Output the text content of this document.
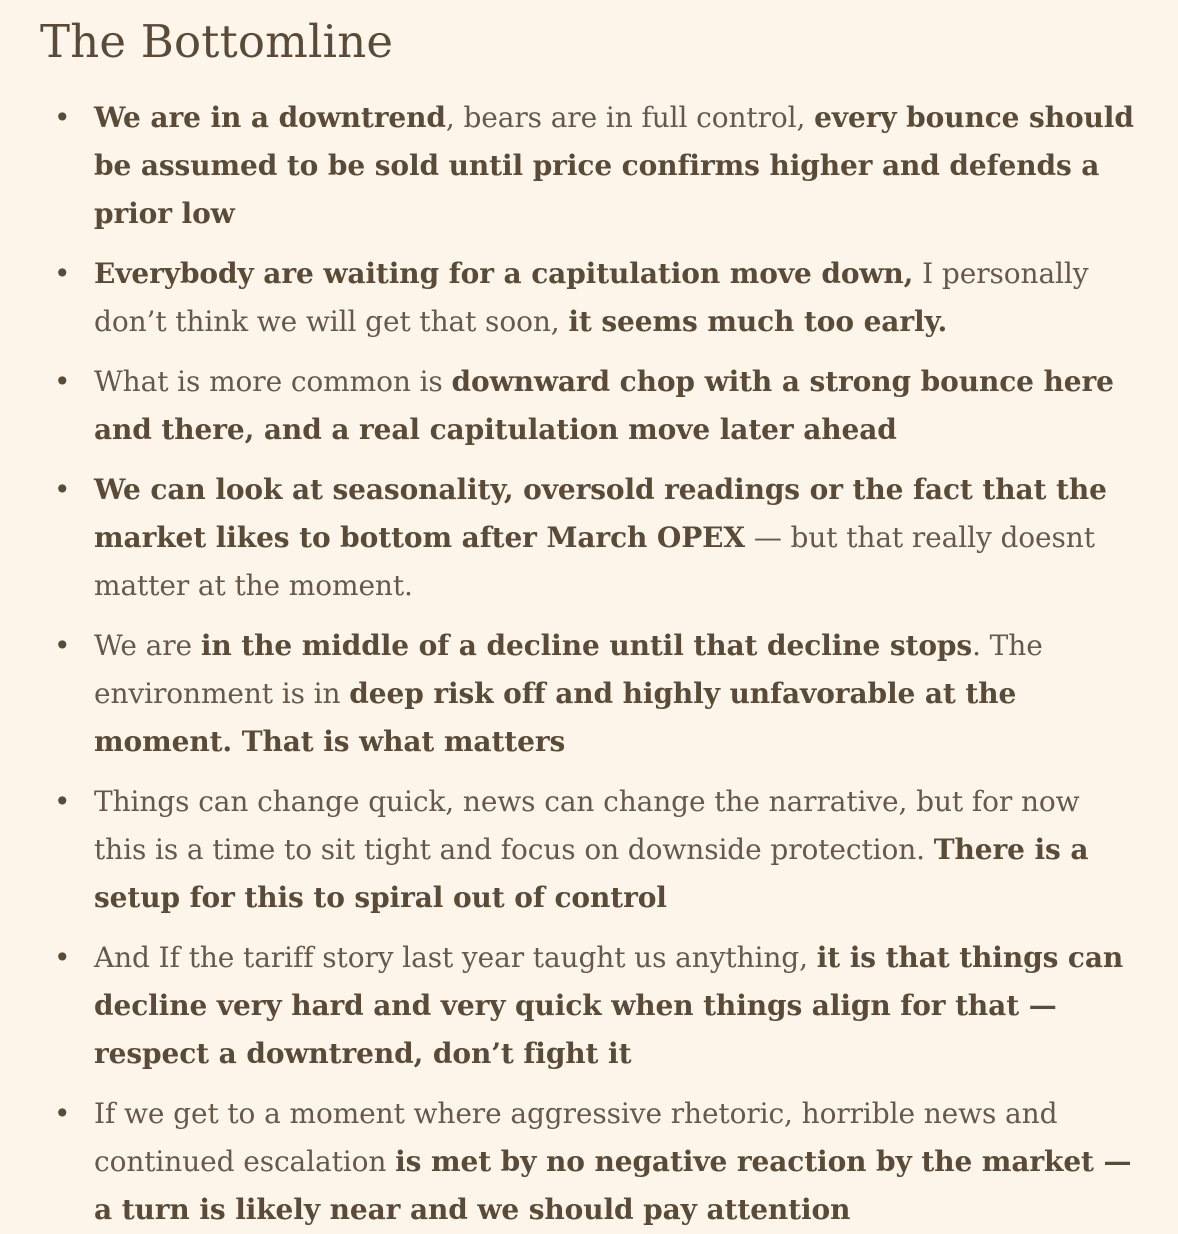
The Bottomline
• We are in a downtrend, bears are in full control, every bounce should be assumed to be sold until price confirms higher and defends a prior low
• Everybody are waiting for a capitulation move down, I personally don’t think we will get that soon, it seems much too early.
• What is more common is downward chop with a strong bounce here and there, and a real capitulation move later ahead
• We can look at seasonality, oversold readings or the fact that the market likes to bottom after March OPEX — but that really doesnt matter at the moment.
• We are in the middle of a decline until that decline stops. The environment is in deep risk off and highly unfavorable at the moment. That is what matters
• Things can change quick, news can change the narrative, but for now this is a time to sit tight and focus on downside protection. There is a setup for this to spiral out of control
• And If the tariff story last year taught us anything, it is that things can decline very hard and very quick when things align for that — respect a downtrend, don’t fight it
• If we get to a moment where aggressive rhetoric, horrible news and continued escalation is met by no negative reaction by the market — a turn is likely near and we should pay attention
